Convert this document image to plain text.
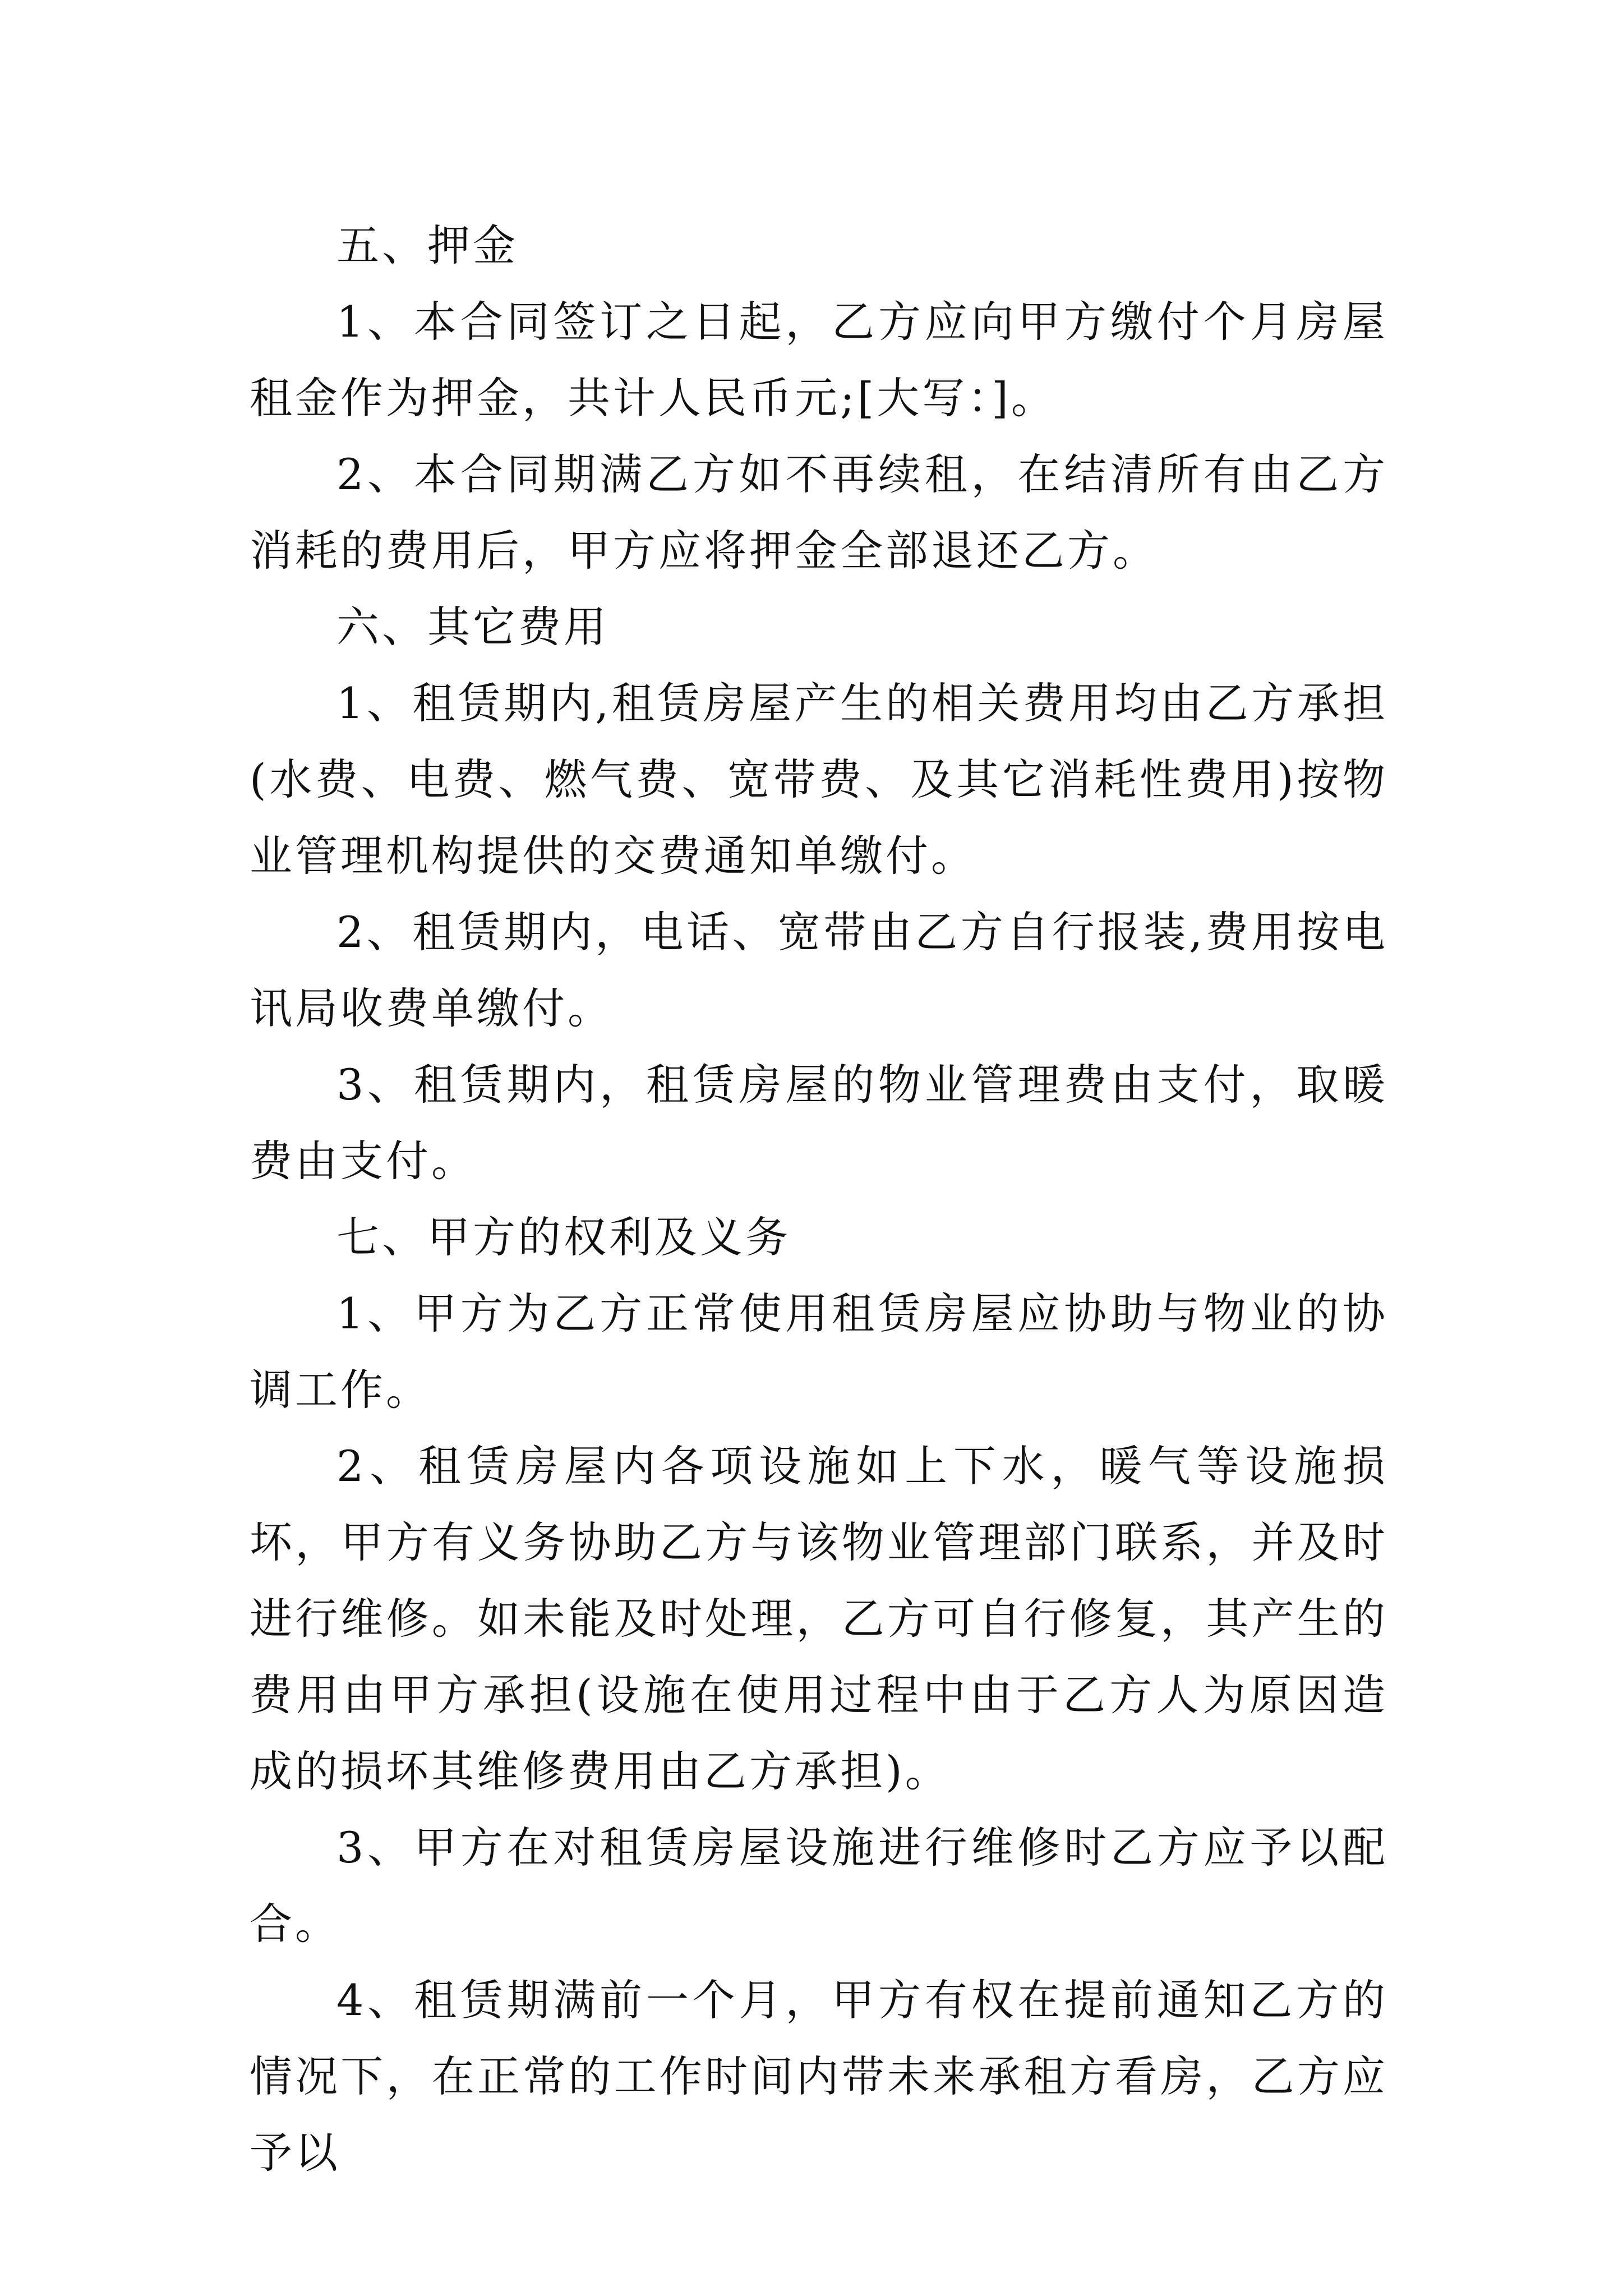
五、押金

1、本合同签订之日起，乙方应向甲方缴付个月房屋租金作为押金，共计人民币元;[大写：]。

2、本合同期满乙方如不再续租，在结清所有由乙方消耗的费用后，甲方应将押金全部退还乙方。

六、其它费用

1、租赁期内,租赁房屋产生的相关费用均由乙方承担(水费、电费、燃气费、宽带费、及其它消耗性费用)按物业管理机构提供的交费通知单缴付。

2、租赁期内，电话、宽带由乙方自行报装,费用按电讯局收费单缴付。

3、租赁期内，租赁房屋的物业管理费由支付，取暖费由支付。

七、甲方的权利及义务

1、甲方为乙方正常使用租赁房屋应协助与物业的协调工作。

2、租赁房屋内各项设施如上下水，暖气等设施损坏，甲方有义务协助乙方与该物业管理部门联系，并及时进行维修。如未能及时处理，乙方可自行修复，其产生的费用由甲方承担(设施在使用过程中由于乙方人为原因造成的损坏其维修费用由乙方承担)。

3、甲方在对租赁房屋设施进行维修时乙方应予以配合。

4、租赁期满前一个月，甲方有权在提前通知乙方的情况下，在正常的工作时间内带未来承租方看房，乙方应予以
